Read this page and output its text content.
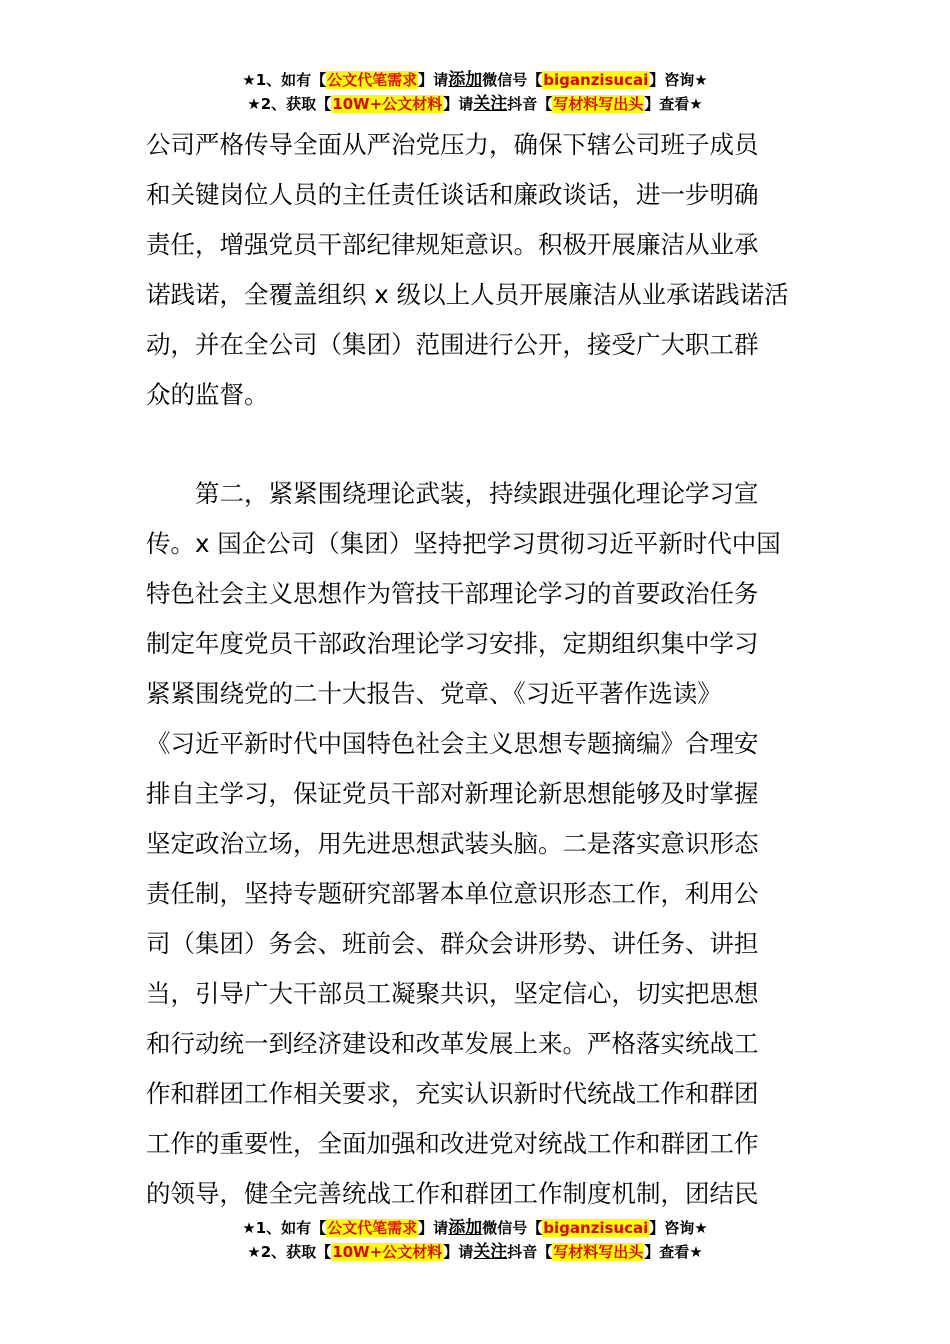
★1、如有【公文代笔需求】请添加微信号【biganzisucai】咨询★
★2、获取【10W+公文材料】请关注抖音【写材料写出头】查看★
公司严格传导全面从严治党压力，确保下辖公司班子成员
和关键岗位人员的主任责任谈话和廉政谈话，进一步明确
责任，增强党员干部纪律规矩意识。积极开展廉洁从业承
诺践诺，全覆盖组织 x 级以上人员开展廉洁从业承诺践诺活
动，并在全公司（集团）范围进行公开，接受广大职工群
众的监督。
第二，紧紧围绕理论武装，持续跟进强化理论学习宣
传。x 国企公司（集团）坚持把学习贯彻习近平新时代中国
特色社会主义思想作为管技干部理论学习的首要政治任务
制定年度党员干部政治理论学习安排，定期组织集中学习
紧紧围绕党的二十大报告、党章、《习近平著作选读》
《习近平新时代中国特色社会主义思想专题摘编》合理安
排自主学习，保证党员干部对新理论新思想能够及时掌握
坚定政治立场，用先进思想武装头脑。二是落实意识形态
责任制，坚持专题研究部署本单位意识形态工作，利用公
司（集团）务会、班前会、群众会讲形势、讲任务、讲担
当，引导广大干部员工凝聚共识，坚定信心，切实把思想
和行动统一到经济建设和改革发展上来。严格落实统战工
作和群团工作相关要求，充实认识新时代统战工作和群团
工作的重要性，全面加强和改进党对统战工作和群团工作
的领导，健全完善统战工作和群团工作制度机制，团结民
★1、如有【公文代笔需求】请添加微信号【biganzisucai】咨询★
★2、获取【10W+公文材料】请关注抖音【写材料写出头】查看★
